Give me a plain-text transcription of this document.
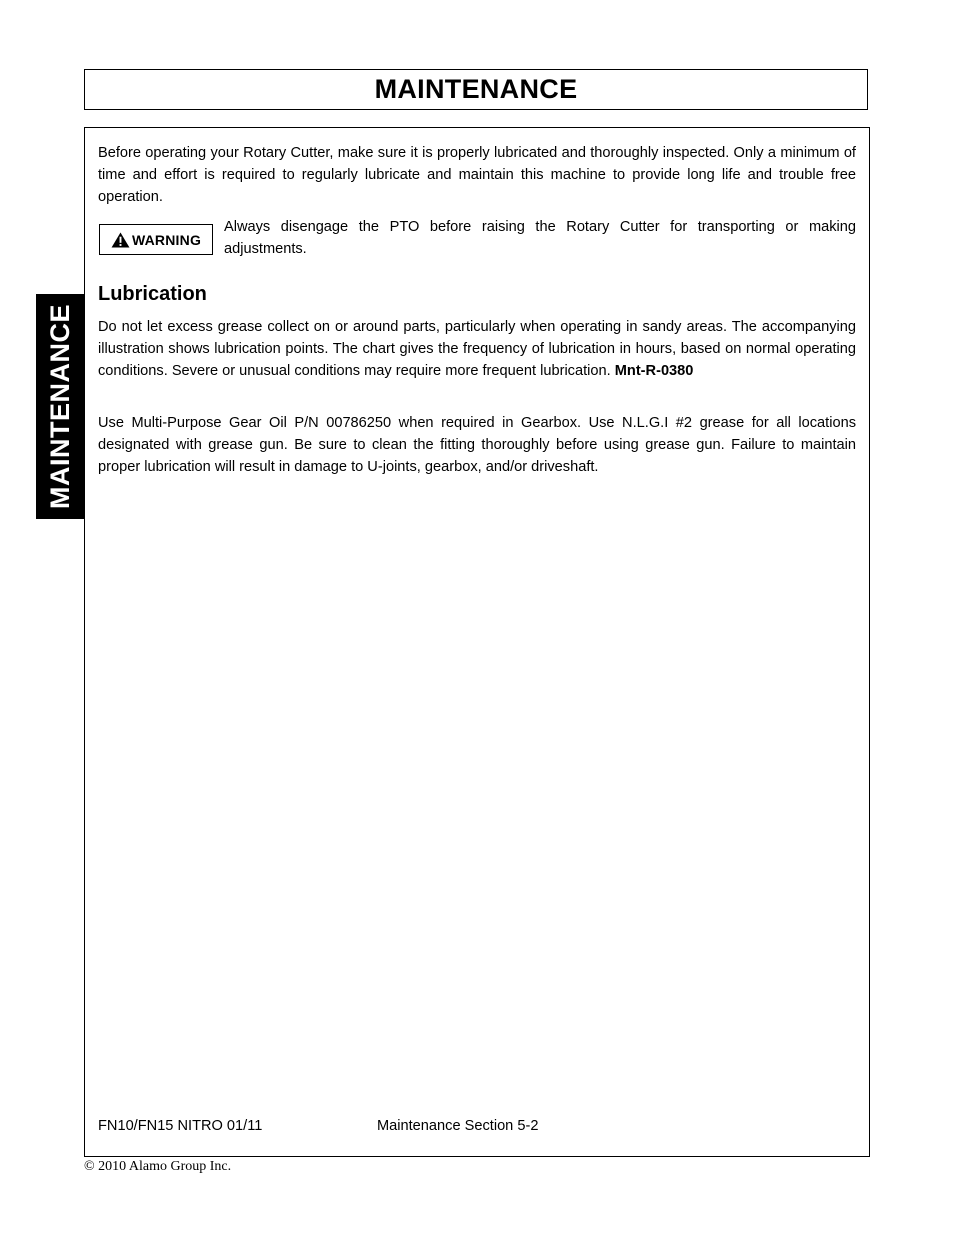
MAINTENANCE
MAINTENANCE

Before operating your Rotary Cutter, make sure it is properly lubricated and thoroughly inspected. Only a minimum of time and effort is required to regularly lubricate and maintain this machine to provide long life and trouble free operation.

WARNING

Always disengage the PTO before raising the Rotary Cutter for transporting or making adjustments.

Lubrication

Do not let excess grease collect on or around parts, particularly when operating in sandy areas. The accompanying illustration shows lubrication points. The chart gives the frequency of lubrication in hours, based on normal operating conditions. Severe or unusual conditions may require more frequent lubrication. Mnt-R-0380

Use Multi-Purpose Gear Oil P/N 00786250 when required in Gearbox. Use N.L.G.I #2 grease for all locations designated with grease gun. Be sure to clean the fitting thoroughly before using grease gun. Failure to maintain proper lubrication will result in damage to U-joints, gearbox, and/or driveshaft.

FN10/FN15 NITRO 01/11	Maintenance Section 5-2
© 2010 Alamo Group Inc.
